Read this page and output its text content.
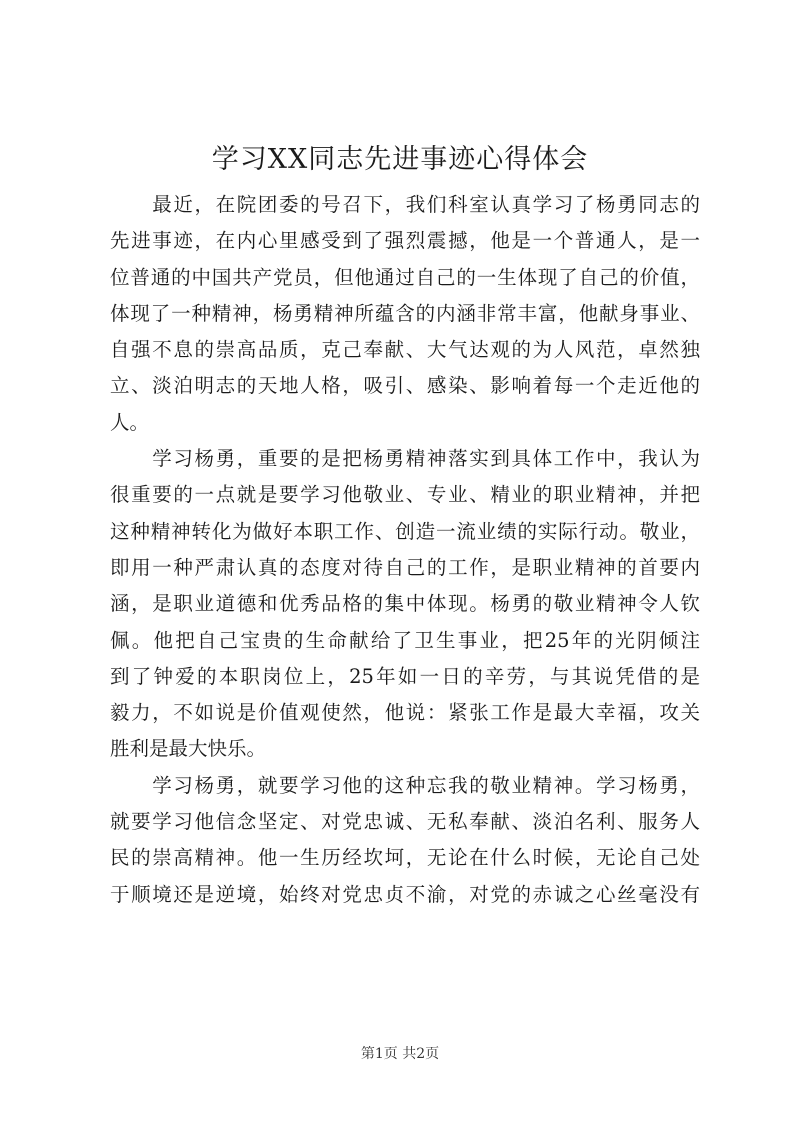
学习XX同志先进事迹心得体会
　　最近，在院团委的号召下，我们科室认真学习了杨勇同志的
先进事迹，在内心里感受到了强烈震撼，他是一个普通人，是一
位普通的中国共产党员，但他通过自己的一生体现了自己的价值，
体现了一种精神，杨勇精神所蕴含的内涵非常丰富，他献身事业、
自强不息的崇高品质，克己奉献、大气达观的为人风范，卓然独
立、淡泊明志的天地人格，吸引、感染、影响着每一个走近他的
人。
　　学习杨勇，重要的是把杨勇精神落实到具体工作中，我认为
很重要的一点就是要学习他敬业、专业、精业的职业精神，并把
这种精神转化为做好本职工作、创造一流业绩的实际行动。敬业，
即用一种严肃认真的态度对待自己的工作，是职业精神的首要内
涵，是职业道德和优秀品格的集中体现。杨勇的敬业精神令人钦
佩。他把自己宝贵的生命献给了卫生事业，把25年的光阴倾注
到了钟爱的本职岗位上，25年如一日的辛劳，与其说凭借的是
毅力，不如说是价值观使然，他说：紧张工作是最大幸福，攻关
胜利是最大快乐。
　　学习杨勇，就要学习他的这种忘我的敬业精神。学习杨勇，
就要学习他信念坚定、对党忠诚、无私奉献、淡泊名利、服务人
民的崇高精神。他一生历经坎坷，无论在什么时候，无论自己处
于顺境还是逆境，始终对党忠贞不渝，对党的赤诚之心丝毫没有
第1页 共2页
